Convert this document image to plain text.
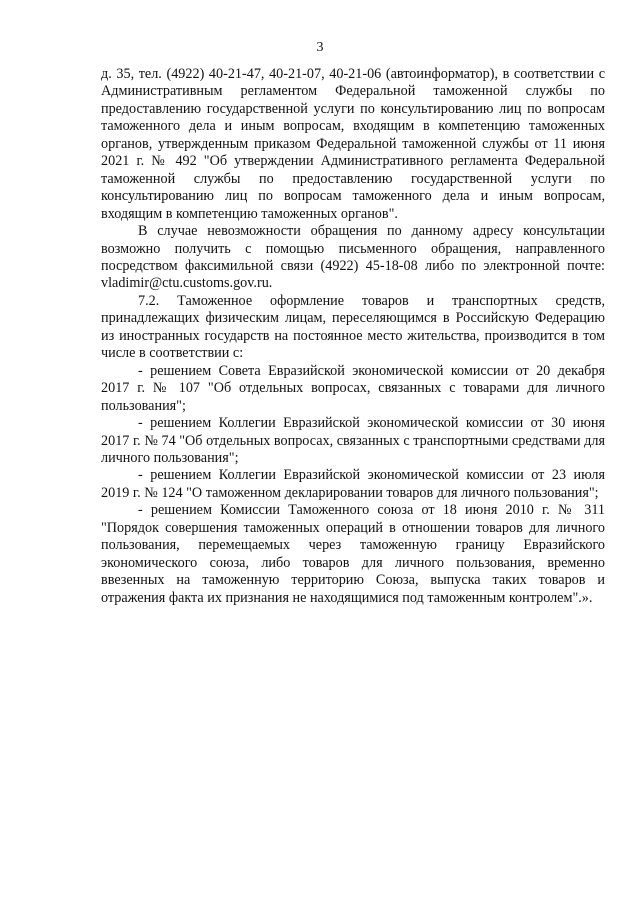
3

д. 35, тел. (4922) 40-21-47, 40-21-07, 40-21-06 (автоинформатор), в соответствии с Административным регламентом Федеральной таможенной службы по предоставлению государственной услуги по консультированию лиц по вопросам таможенного дела и иным вопросам, входящим в компетенцию таможенных органов, утвержденным приказом Федеральной таможенной службы от 11 июня 2021 г. № 492 "Об утверждении Административного регламента Федеральной таможенной службы по предоставлению государственной услуги по консультированию лиц по вопросам таможенного дела и иным вопросам, входящим в компетенцию таможенных органов".

В случае невозможности обращения по данному адресу консультации возможно получить с помощью письменного обращения, направленного посредством факсимильной связи (4922) 45-18-08 либо по электронной почте: vladimir@ctu.customs.gov.ru.

7.2. Таможенное оформление товаров и транспортных средств, принадлежащих физическим лицам, переселяющимся в Российскую Федерацию из иностранных государств на постоянное место жительства, производится в том числе в соответствии с:

- решением Совета Евразийской экономической комиссии от 20 декабря 2017 г. № 107 "Об отдельных вопросах, связанных с товарами для личного пользования";

- решением Коллегии Евразийской экономической комиссии от 30 июня 2017 г. № 74 "Об отдельных вопросах, связанных с транспортными средствами для личного пользования";

- решением Коллегии Евразийской экономической комиссии от 23 июля 2019 г. № 124 "О таможенном декларировании товаров для личного пользования";

- решением Комиссии Таможенного союза от 18 июня 2010 г. № 311 "Порядок совершения таможенных операций в отношении товаров для личного пользования, перемещаемых через таможенную границу Евразийского экономического союза, либо товаров для личного пользования, временно ввезенных на таможенную территорию Союза, выпуска таких товаров и отражения факта их признания не находящимися под таможенным контролем".».
